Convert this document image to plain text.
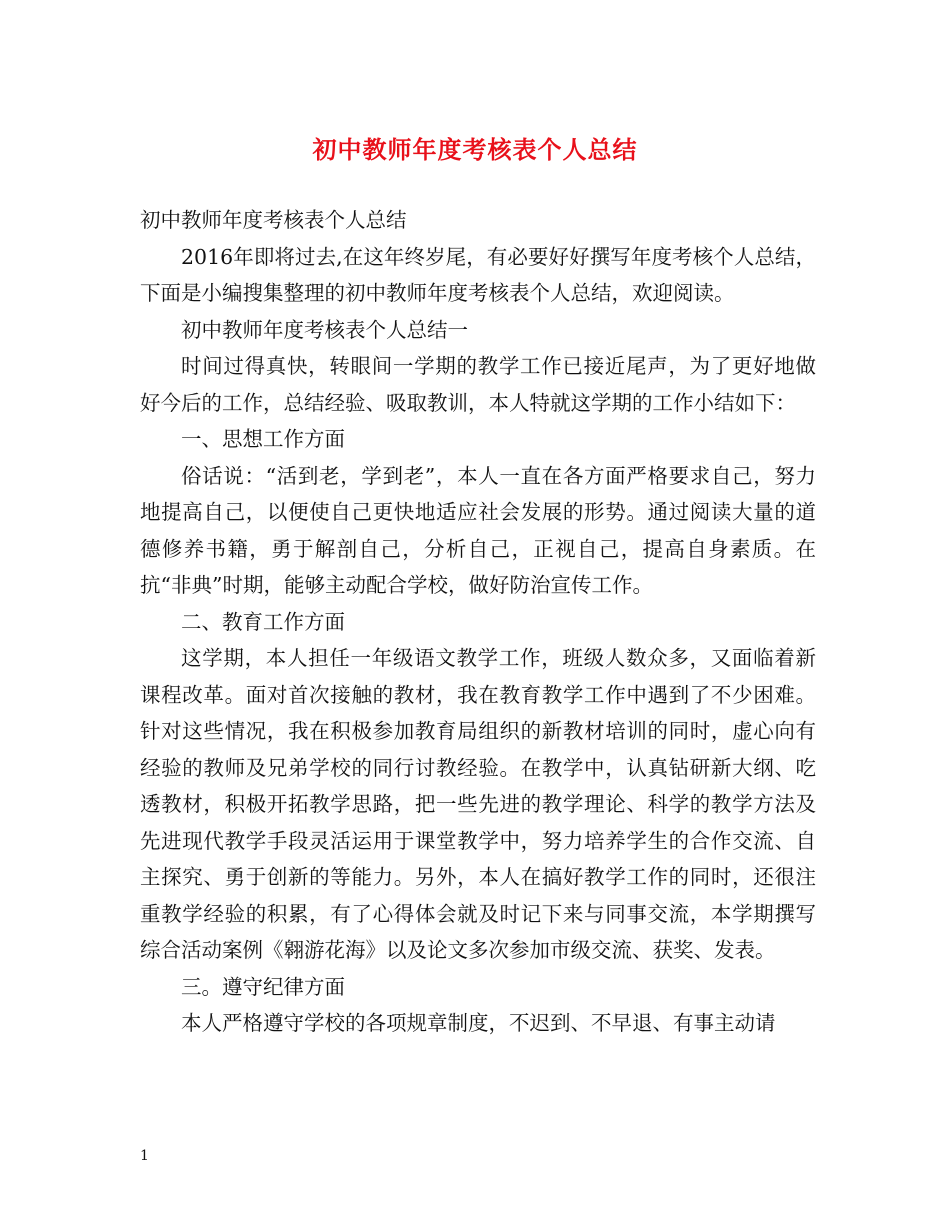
初中教师年度考核表个人总结

初中教师年度考核表个人总结

2016年即将过去,在这年终岁尾，有必要好好撰写年度考核个人总结，下面是小编搜集整理的初中教师年度考核表个人总结，欢迎阅读。

初中教师年度考核表个人总结一

时间过得真快，转眼间一学期的教学工作已接近尾声，为了更好地做好今后的工作，总结经验、吸取教训，本人特就这学期的工作小结如下：

一、思想工作方面

俗话说：“活到老，学到老”，本人一直在各方面严格要求自己，努力地提高自己，以便使自己更快地适应社会发展的形势。通过阅读大量的道德修养书籍，勇于解剖自己，分析自己，正视自己，提高自身素质。在抗“非典”时期，能够主动配合学校，做好防治宣传工作。

二、教育工作方面

这学期，本人担任一年级语文教学工作，班级人数众多，又面临着新课程改革。面对首次接触的教材，我在教育教学工作中遇到了不少困难。针对这些情况，我在积极参加教育局组织的新教材培训的同时，虚心向有经验的教师及兄弟学校的同行讨教经验。在教学中，认真钻研新大纲、吃透教材，积极开拓教学思路，把一些先进的教学理论、科学的教学方法及先进现代教学手段灵活运用于课堂教学中，努力培养学生的合作交流、自主探究、勇于创新的等能力。另外，本人在搞好教学工作的同时，还很注重教学经验的积累，有了心得体会就及时记下来与同事交流，本学期撰写综合活动案例《翱游花海》以及论文多次参加市级交流、获奖、发表。

三。遵守纪律方面

本人严格遵守学校的各项规章制度，不迟到、不早退、有事主动请

1
